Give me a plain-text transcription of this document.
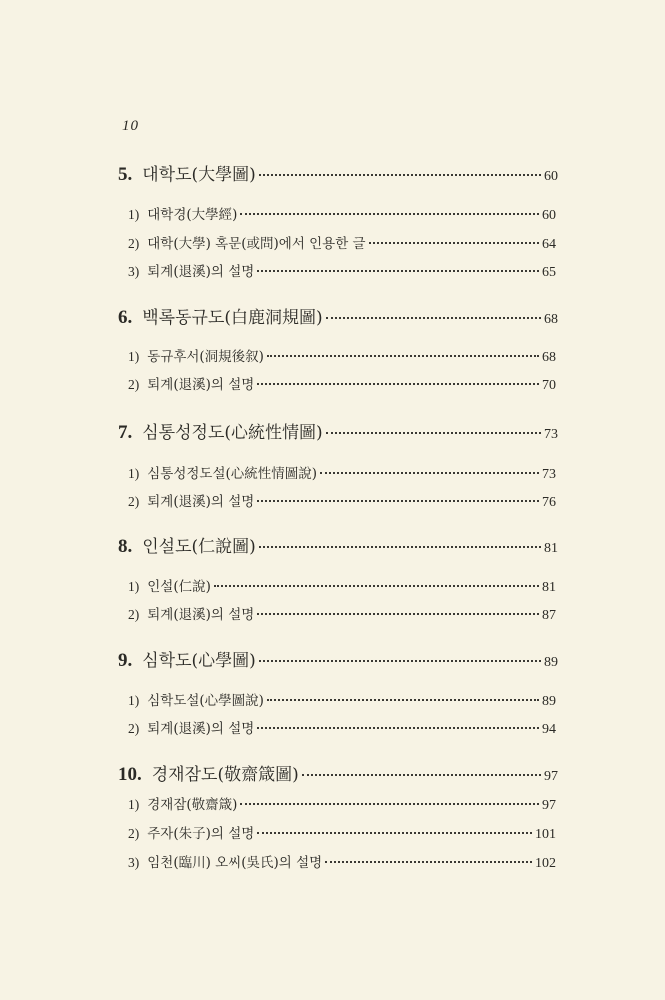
10
5. 대학도(大學圖)	60
1) 대학경(大學經)	60
2) 대학(大學) 혹문(或問)에서 인용한 글	64
3) 퇴계(退溪)의 설명	65
6. 백록동규도(白鹿洞規圖)	68
1) 동규후서(洞規後叙)	68
2) 퇴계(退溪)의 설명	70
7. 심통성정도(心統性情圖)	73
1) 심통성정도설(心統性情圖說)	73
2) 퇴계(退溪)의 설명	76
8. 인설도(仁說圖)	81
1) 인설(仁說)	81
2) 퇴계(退溪)의 설명	87
9. 심학도(心學圖)	89
1) 심학도설(心學圖說)	89
2) 퇴계(退溪)의 설명	94
10. 경재잠도(敬齋箴圖)	97
1) 경재잠(敬齋箴)	97
2) 주자(朱子)의 설명	101
3) 임천(臨川) 오씨(吳氏)의 설명	102
